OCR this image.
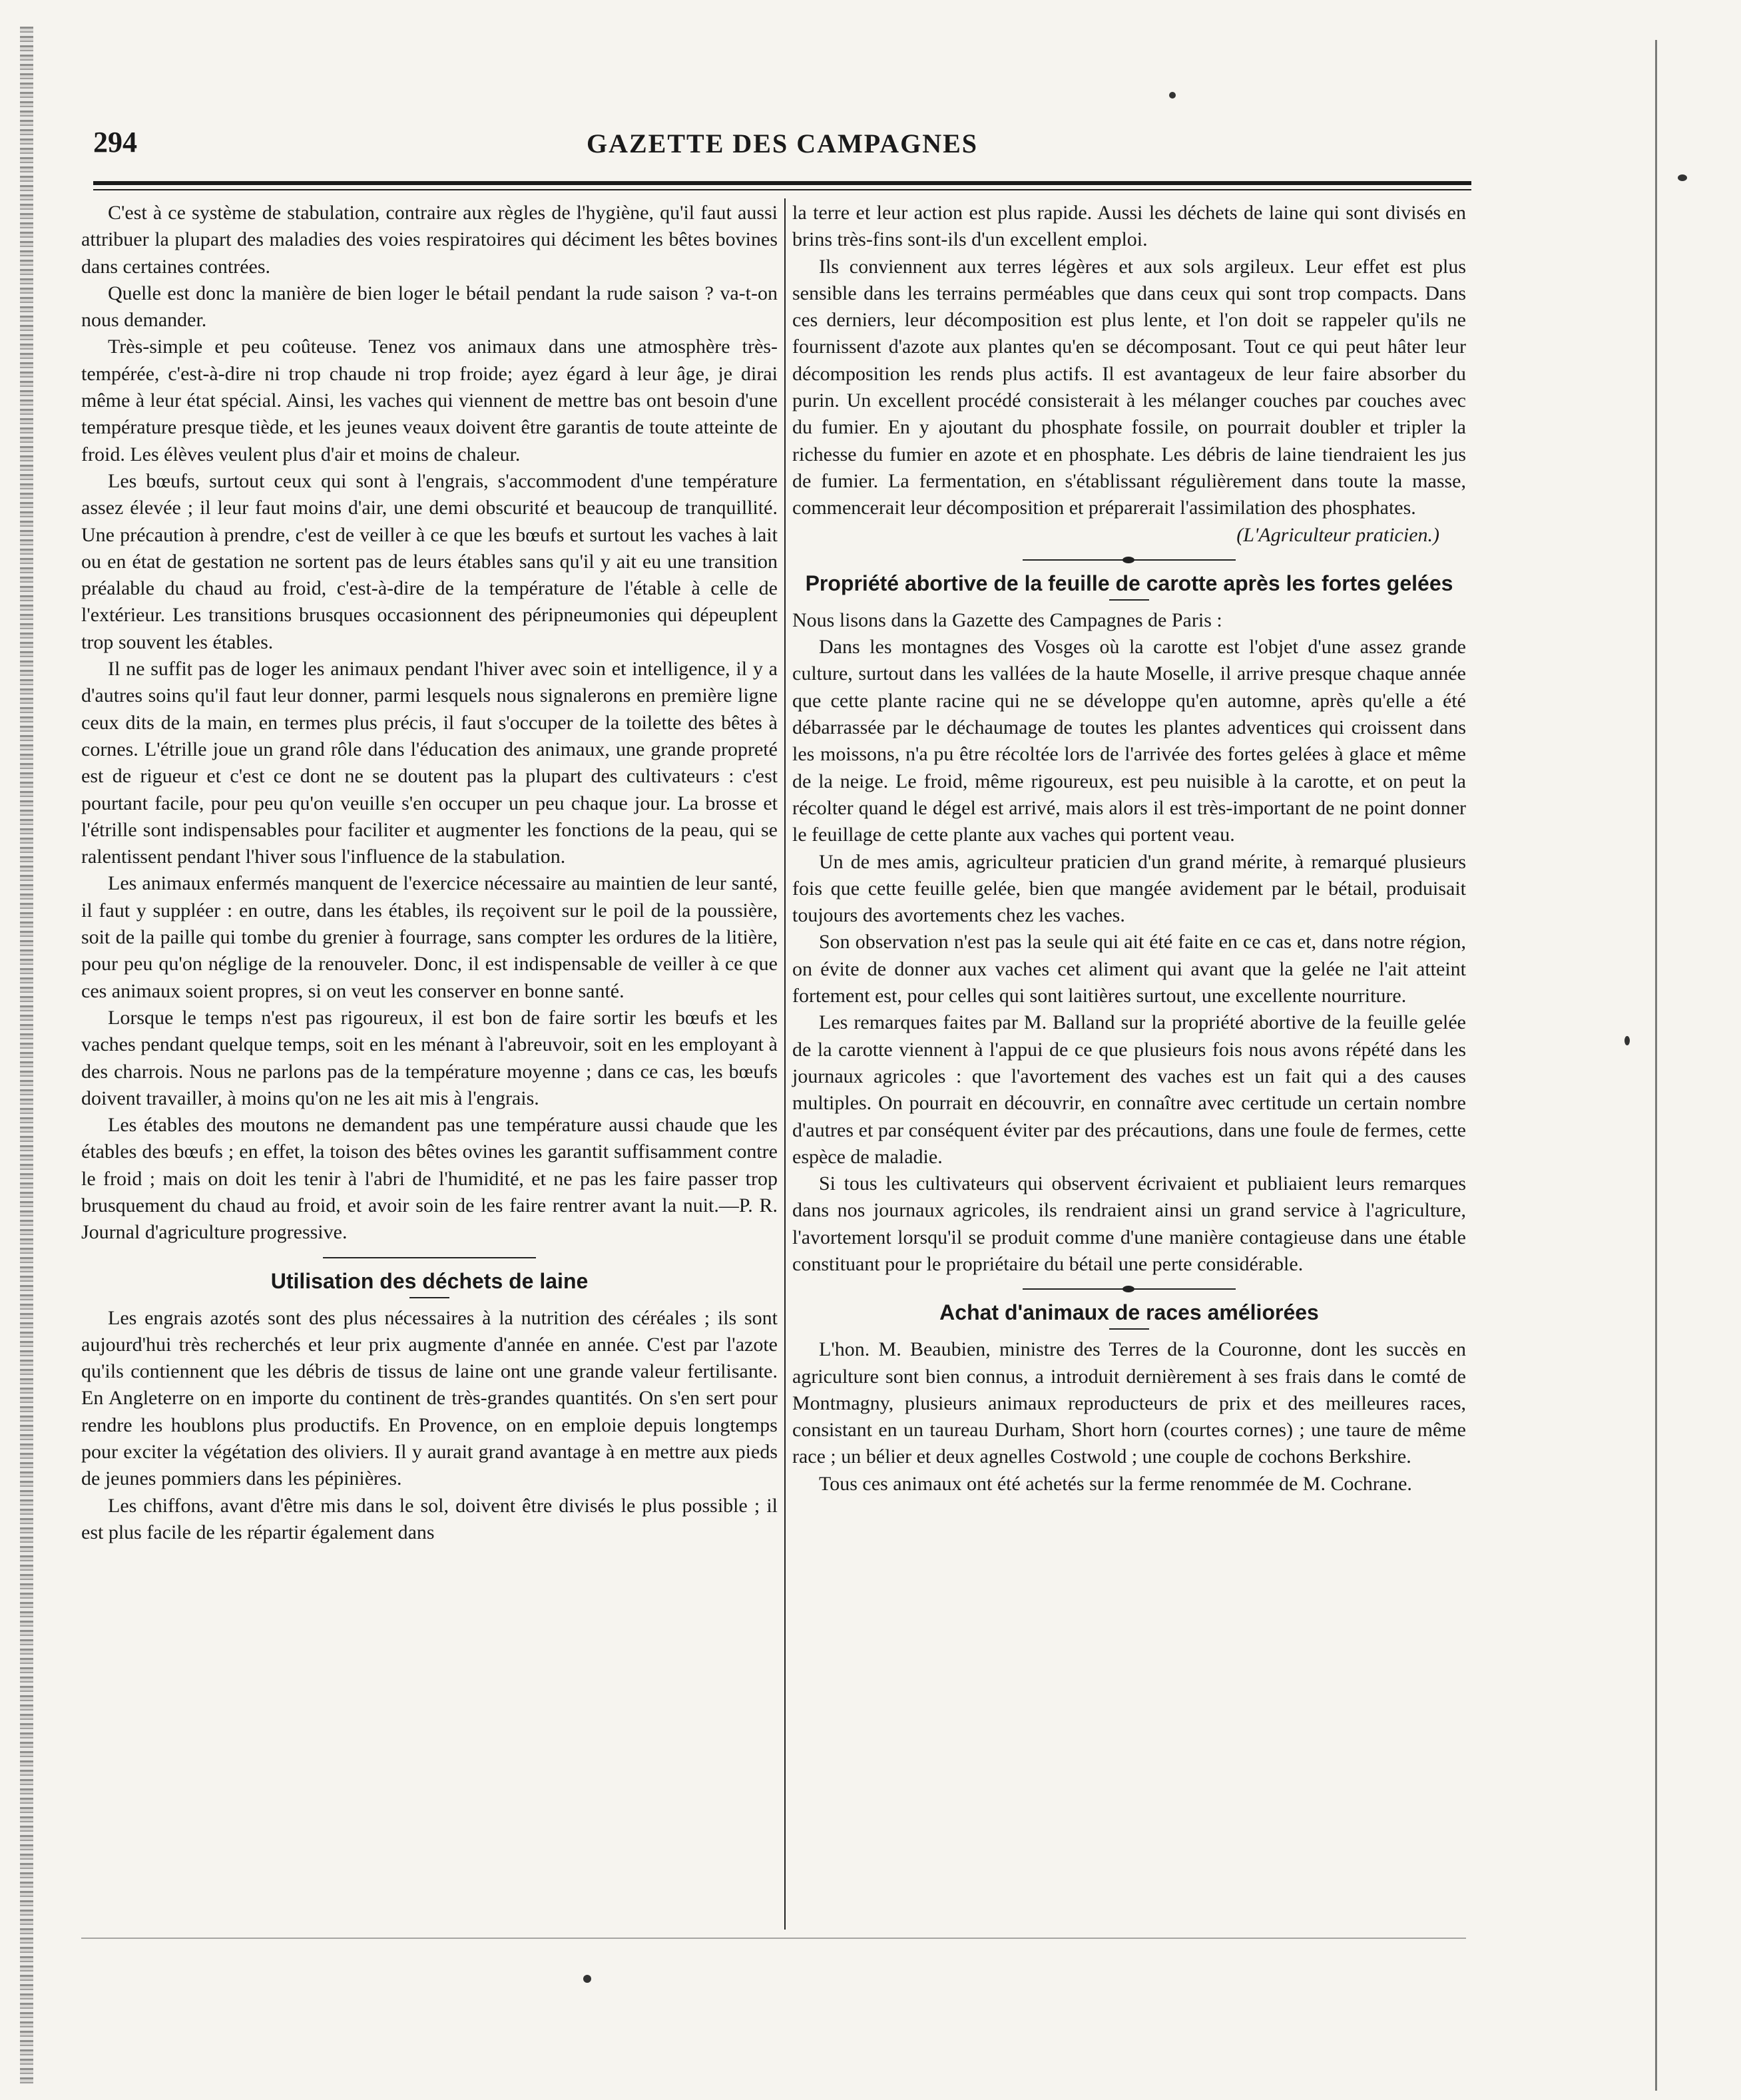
294	GAZETTE DES CAMPAGNES

C'est à ce système de stabulation, contraire aux règles de l'hygiène, qu'il faut aussi attribuer la plupart des maladies des voies respiratoires qui déciment les bêtes bovines dans certaines contrées.

Quelle est donc la manière de bien loger le bétail pendant la rude saison ? va-t-on nous demander.

Très-simple et peu coûteuse. Tenez vos animaux dans une atmosphère très-tempérée, c'est-à-dire ni trop chaude ni trop froide; ayez égard à leur âge, je dirai même à leur état spécial. Ainsi, les vaches qui viennent de mettre bas ont besoin d'une température presque tiède, et les jeunes veaux doivent être garantis de toute atteinte de froid. Les élèves veulent plus d'air et moins de chaleur.

Les bœufs, surtout ceux qui sont à l'engrais, s'accommodent d'une température assez élevée ; il leur faut moins d'air, une demi obscurité et beaucoup de tranquillité. Une précaution à prendre, c'est de veiller à ce que les bœufs et surtout les vaches à lait ou en état de gestation ne sortent pas de leurs étables sans qu'il y ait eu une transition préalable du chaud au froid, c'est-à-dire de la température de l'étable à celle de l'extérieur. Les transitions brusques occasionnent des péripneumonies qui dépeuplent trop souvent les étables.

Il ne suffit pas de loger les animaux pendant l'hiver avec soin et intelligence, il y a d'autres soins qu'il faut leur donner, parmi lesquels nous signalerons en première ligne ceux dits de la main, en termes plus précis, il faut s'occuper de la toilette des bêtes à cornes. L'étrille joue un grand rôle dans l'éducation des animaux, une grande propreté est de rigueur et c'est ce dont ne se doutent pas la plupart des cultivateurs : c'est pourtant facile, pour peu qu'on veuille s'en occuper un peu chaque jour. La brosse et l'étrille sont indispensables pour faciliter et augmenter les fonctions de la peau, qui se ralentissent pendant l'hiver sous l'influence de la stabulation.

Les animaux enfermés manquent de l'exercice nécessaire au maintien de leur santé, il faut y suppléer : en outre, dans les étables, ils reçoivent sur le poil de la poussière, soit de la paille qui tombe du grenier à fourrage, sans compter les ordures de la litière, pour peu qu'on néglige de la renouveler. Donc, il est indispensable de veiller à ce que ces animaux soient propres, si on veut les conserver en bonne santé.

Lorsque le temps n'est pas rigoureux, il est bon de faire sortir les bœufs et les vaches pendant quelque temps, soit en les ménant à l'abreuvoir, soit en les employant à des charrois. Nous ne parlons pas de la température moyenne ; dans ce cas, les bœufs doivent travailler, à moins qu'on ne les ait mis à l'engrais.

Les étables des moutons ne demandent pas une température aussi chaude que les étables des bœufs ; en effet, la toison des bêtes ovines les garantit suffisamment contre le froid ; mais on doit les tenir à l'abri de l'humidité, et ne pas les faire passer trop brusquement du chaud au froid, et avoir soin de les faire rentrer avant la nuit.—P. R. Journal d'agriculture progressive.

Utilisation des déchets de laine

Les engrais azotés sont des plus nécessaires à la nutrition des céréales ; ils sont aujourd'hui très recherchés et leur prix augmente d'année en année. C'est par l'azote qu'ils contiennent que les débris de tissus de laine ont une grande valeur fertilisante. En Angleterre on en importe du continent de très-grandes quantités. On s'en sert pour rendre les houblons plus productifs. En Provence, on en emploie depuis longtemps pour exciter la végétation des oliviers. Il y aurait grand avantage à en mettre aux pieds de jeunes pommiers dans les pépinières.

Les chiffons, avant d'être mis dans le sol, doivent être divisés le plus possible ; il est plus facile de les répartir également dans

la terre et leur action est plus rapide. Aussi les déchets de laine qui sont divisés en brins très-fins sont-ils d'un excellent emploi.

Ils conviennent aux terres légères et aux sols argileux. Leur effet est plus sensible dans les terrains perméables que dans ceux qui sont trop compacts. Dans ces derniers, leur décomposition est plus lente, et l'on doit se rappeler qu'ils ne fournissent d'azote aux plantes qu'en se décomposant. Tout ce qui peut hâter leur décomposition les rends plus actifs. Il est avantageux de leur faire absorber du purin. Un excellent procédé consisterait à les mélanger couches par couches avec du fumier. En y ajoutant du phosphate fossile, on pourrait doubler et tripler la richesse du fumier en azote et en phosphate. Les débris de laine tiendraient les jus de fumier. La fermentation, en s'établissant régulièrement dans toute la masse, commencerait leur décomposition et préparerait l'assimilation des phosphates.

(L'Agriculteur praticien.)

Propriété abortive de la feuille de carotte après les fortes gelées

Nous lisons dans la Gazette des Campagnes de Paris :

Dans les montagnes des Vosges où la carotte est l'objet d'une assez grande culture, surtout dans les vallées de la haute Moselle, il arrive presque chaque année que cette plante racine qui ne se développe qu'en automne, après qu'elle a été débarrassée par le déchaumage de toutes les plantes adventices qui croissent dans les moissons, n'a pu être récoltée lors de l'arrivée des fortes gelées à glace et même de la neige. Le froid, même rigoureux, est peu nuisible à la carotte, et on peut la récolter quand le dégel est arrivé, mais alors il est très-important de ne point donner le feuillage de cette plante aux vaches qui portent veau.

Un de mes amis, agriculteur praticien d'un grand mérite, à remarqué plusieurs fois que cette feuille gelée, bien que mangée avidement par le bétail, produisait toujours des avortements chez les vaches.

Son observation n'est pas la seule qui ait été faite en ce cas et, dans notre région, on évite de donner aux vaches cet aliment qui avant que la gelée ne l'ait atteint fortement est, pour celles qui sont laitières surtout, une excellente nourriture.

Les remarques faites par M. Balland sur la propriété abortive de la feuille gelée de la carotte viennent à l'appui de ce que plusieurs fois nous avons répété dans les journaux agricoles : que l'avortement des vaches est un fait qui a des causes multiples. On pourrait en découvrir, en connaître avec certitude un certain nombre d'autres et par conséquent éviter par des précautions, dans une foule de fermes, cette espèce de maladie.

Si tous les cultivateurs qui observent écrivaient et publiaient leurs remarques dans nos journaux agricoles, ils rendraient ainsi un grand service à l'agriculture, l'avortement lorsqu'il se produit comme d'une manière contagieuse dans une étable constituant pour le propriétaire du bétail une perte considérable.

Achat d'animaux de races améliorées

L'hon. M. Beaubien, ministre des Terres de la Couronne, dont les succès en agriculture sont bien connus, a introduit dernièrement à ses frais dans le comté de Montmagny, plusieurs animaux reproducteurs de prix et des meilleures races, consistant en un taureau Durham, Short horn (courtes cornes) ; une taure de même race ; un bélier et deux agnelles Costwold ; une couple de cochons Berkshire.

Tous ces animaux ont été achetés sur la ferme renommée de M. Cochrane.
